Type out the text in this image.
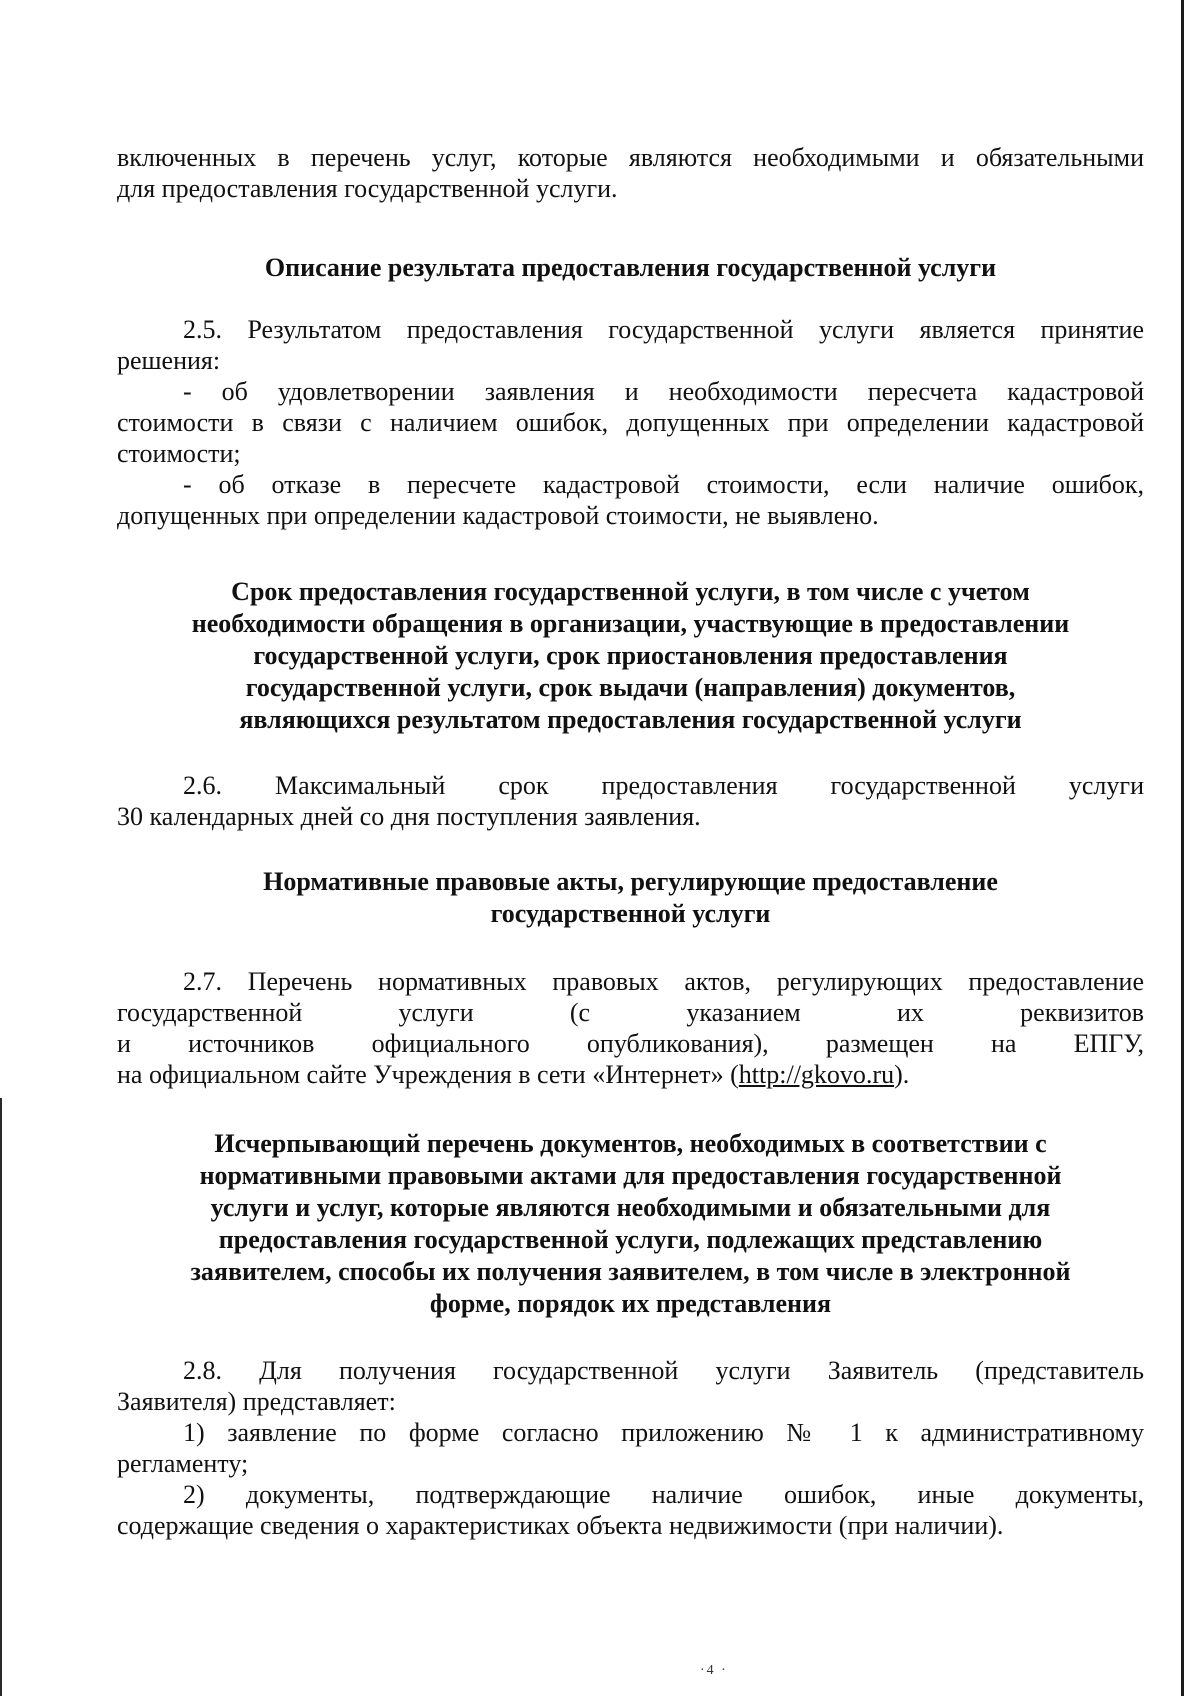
включенных в перечень услуг, которые являются необходимыми и обязательными
для предоставления государственной услуги.
Описание результата предоставления государственной услуги
2.5. Результатом предоставления государственной услуги является принятие
решения:
- об удовлетворении заявления и необходимости пересчета кадастровой
стоимости в связи с наличием ошибок, допущенных при определении кадастровой
стоимости;
- об отказе в пересчете кадастровой стоимости, если наличие ошибок,
допущенных при определении кадастровой стоимости, не выявлено.
Срок предоставления государственной услуги, в том числе с учетом
необходимости обращения в организации, участвующие в предоставлении
государственной услуги, срок приостановления предоставления
государственной услуги, срок выдачи (направления) документов,
являющихся результатом предоставления государственной услуги
2.6. Максимальный срок предоставления государственной услуги
30 календарных дней со дня поступления заявления.
Нормативные правовые акты, регулирующие предоставление
государственной услуги
2.7. Перечень нормативных правовых актов, регулирующих предоставление
государственной услуги (с указанием их реквизитов
и источников официального опубликования), размещен на ЕПГУ,
на официальном сайте Учреждения в сети «Интернет» (http://gkovo.ru).
Исчерпывающий перечень документов, необходимых в соответствии с
нормативными правовыми актами для предоставления государственной
услуги и услуг, которые являются необходимыми и обязательными для
предоставления государственной услуги, подлежащих представлению
заявителем, способы их получения заявителем, в том числе в электронной
форме, порядок их представления
2.8. Для получения государственной услуги Заявитель (представитель
Заявителя) представляет:
1) заявление по форме согласно приложению № 1 к административному
регламенту;
2) документы, подтверждающие наличие ошибок, иные документы,
содержащие сведения о характеристиках объекта недвижимости (при наличии).
·4 ·
